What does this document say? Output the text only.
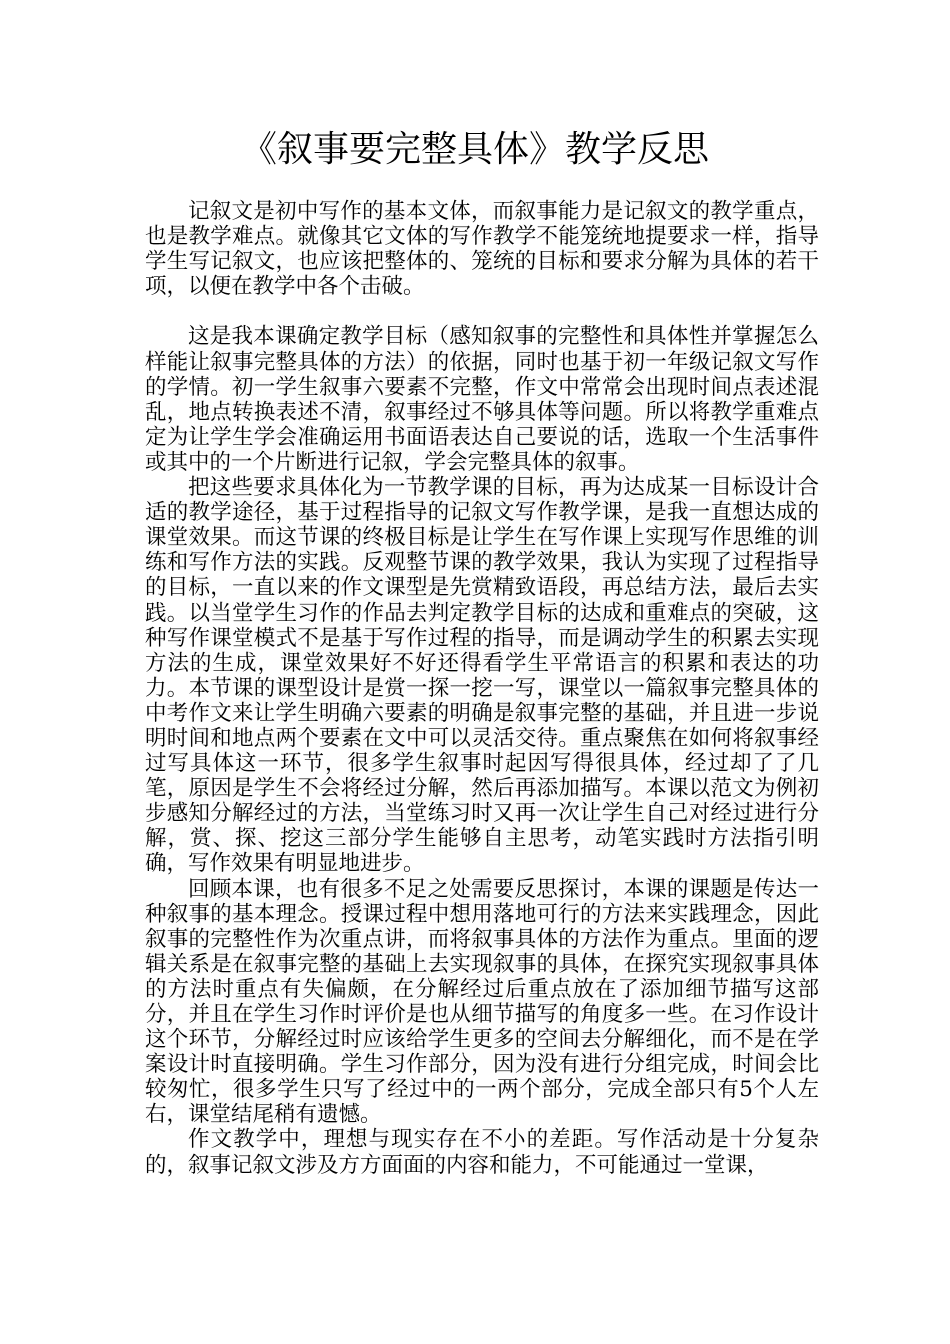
《叙事要完整具体》教学反思

记叙文是初中写作的基本文体，而叙事能力是记叙文的教学重点，也是教学难点。就像其它文体的写作教学不能笼统地提要求一样，指导学生写记叙文，也应该把整体的、笼统的目标和要求分解为具体的若干项，以便在教学中各个击破。

这是我本课确定教学目标（感知叙事的完整性和具体性并掌握怎么样能让叙事完整具体的方法）的依据，同时也基于初一年级记叙文写作的学情。初一学生叙事六要素不完整，作文中常常会出现时间点表述混乱，地点转换表述不清，叙事经过不够具体等问题。所以将教学重难点定为让学生学会准确运用书面语表达自己要说的话，选取一个生活事件或其中的一个片断进行记叙，学会完整具体的叙事。

把这些要求具体化为一节教学课的目标，再为达成某一目标设计合适的教学途径，基于过程指导的记叙文写作教学课，是我一直想达成的课堂效果。而这节课的终极目标是让学生在写作课上实现写作思维的训练和写作方法的实践。反观整节课的教学效果，我认为实现了过程指导的目标，一直以来的作文课型是先赏精致语段，再总结方法，最后去实践。以当堂学生习作的作品去判定教学目标的达成和重难点的突破，这种写作课堂模式不是基于写作过程的指导，而是调动学生的积累去实现方法的生成，课堂效果好不好还得看学生平常语言的积累和表达的功力。本节课的课型设计是赏一探一挖一写，课堂以一篇叙事完整具体的中考作文来让学生明确六要素的明确是叙事完整的基础，并且进一步说明时间和地点两个要素在文中可以灵活交待。重点聚焦在如何将叙事经过写具体这一环节，很多学生叙事时起因写得很具体，经过却了了几笔，原因是学生不会将经过分解，然后再添加描写。本课以范文为例初步感知分解经过的方法，当堂练习时又再一次让学生自己对经过进行分解，赏、探、挖这三部分学生能够自主思考，动笔实践时方法指引明确，写作效果有明显地进步。

回顾本课，也有很多不足之处需要反思探讨，本课的课题是传达一种叙事的基本理念。授课过程中想用落地可行的方法来实践理念，因此叙事的完整性作为次重点讲，而将叙事具体的方法作为重点。里面的逻辑关系是在叙事完整的基础上去实现叙事的具体，在探究实现叙事具体的方法时重点有失偏颇，在分解经过后重点放在了添加细节描写这部分，并且在学生习作时评价是也从细节描写的角度多一些。在习作设计这个环节，分解经过时应该给学生更多的空间去分解细化，而不是在学案设计时直接明确。学生习作部分，因为没有进行分组完成，时间会比较匆忙，很多学生只写了经过中的一两个部分，完成全部只有5个人左右，课堂结尾稍有遗憾。

作文教学中，理想与现实存在不小的差距。写作活动是十分复杂的，叙事记叙文涉及方方面面的内容和能力，不可能通过一堂课，
